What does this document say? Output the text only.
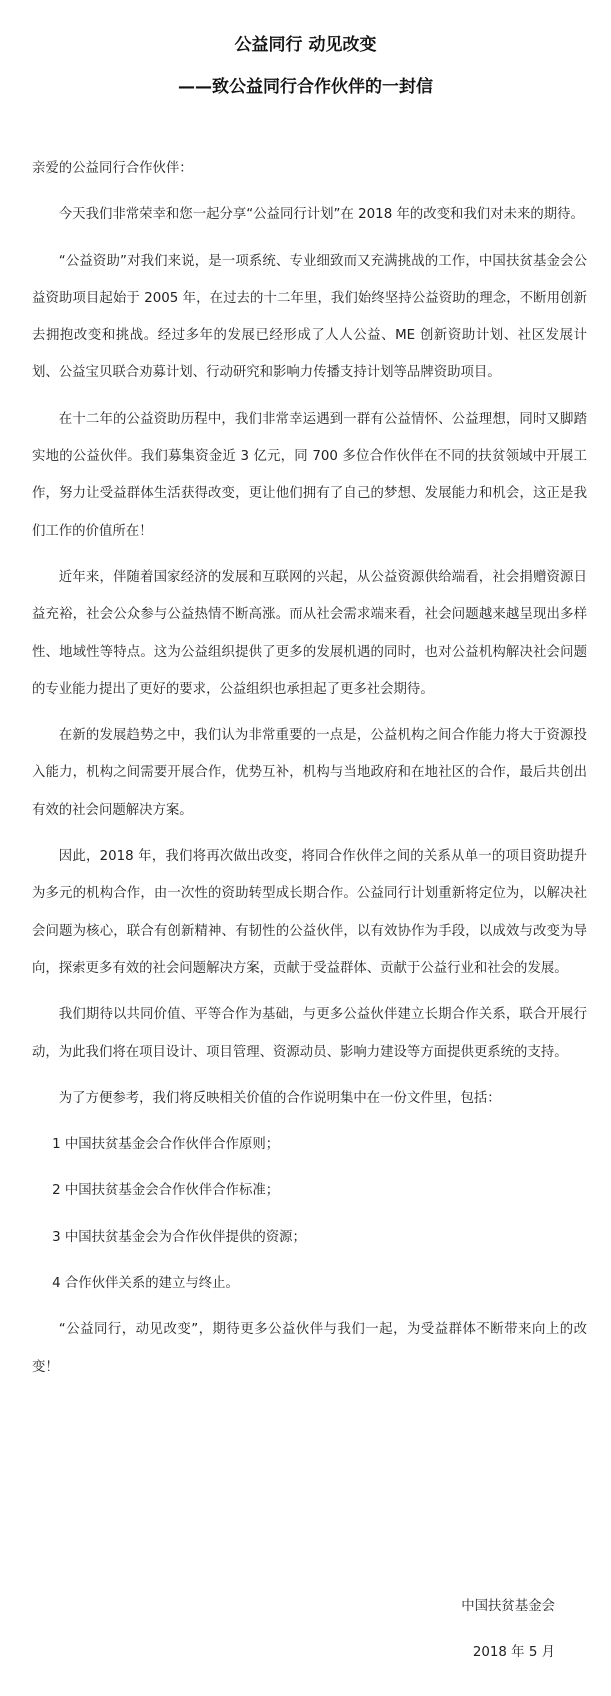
公益同行 动见改变
——致公益同行合作伙伴的一封信

亲爱的公益同行合作伙伴：

今天我们非常荣幸和您一起分享“公益同行计划”在 2018 年的改变和我们对未来的期待。

“公益资助”对我们来说，是一项系统、专业细致而又充满挑战的工作，中国扶贫基金会公益资助项目起始于 2005 年，在过去的十二年里，我们始终坚持公益资助的理念，不断用创新去拥抱改变和挑战。经过多年的发展已经形成了人人公益、ME 创新资助计划、社区发展计划、公益宝贝联合劝募计划、行动研究和影响力传播支持计划等品牌资助项目。

在十二年的公益资助历程中，我们非常幸运遇到一群有公益情怀、公益理想，同时又脚踏实地的公益伙伴。我们募集资金近 3 亿元，同 700 多位合作伙伴在不同的扶贫领域中开展工作，努力让受益群体生活获得改变，更让他们拥有了自己的梦想、发展能力和机会，这正是我们工作的价值所在！

近年来，伴随着国家经济的发展和互联网的兴起，从公益资源供给端看，社会捐赠资源日益充裕，社会公众参与公益热情不断高涨。而从社会需求端来看，社会问题越来越呈现出多样性、地域性等特点。这为公益组织提供了更多的发展机遇的同时，也对公益机构解决社会问题的专业能力提出了更好的要求，公益组织也承担起了更多社会期待。

在新的发展趋势之中，我们认为非常重要的一点是，公益机构之间合作能力将大于资源投入能力，机构之间需要开展合作，优势互补，机构与当地政府和在地社区的合作，最后共创出有效的社会问题解决方案。

因此，2018 年，我们将再次做出改变，将同合作伙伴之间的关系从单一的项目资助提升为多元的机构合作，由一次性的资助转型成长期合作。公益同行计划重新将定位为，以解决社会问题为核心，联合有创新精神、有韧性的公益伙伴，以有效协作为手段，以成效与改变为导向，探索更多有效的社会问题解决方案，贡献于受益群体、贡献于公益行业和社会的发展。

我们期待以共同价值、平等合作为基础，与更多公益伙伴建立长期合作关系，联合开展行动，为此我们将在项目设计、项目管理、资源动员、影响力建设等方面提供更系统的支持。

为了方便参考，我们将反映相关价值的合作说明集中在一份文件里，包括：

1 中国扶贫基金会合作伙伴合作原则；

2 中国扶贫基金会合作伙伴合作标准；

3 中国扶贫基金会为合作伙伴提供的资源；

4 合作伙伴关系的建立与终止。

“公益同行，动见改变”，期待更多公益伙伴与我们一起，为受益群体不断带来向上的改变！

中国扶贫基金会
2018 年 5 月
